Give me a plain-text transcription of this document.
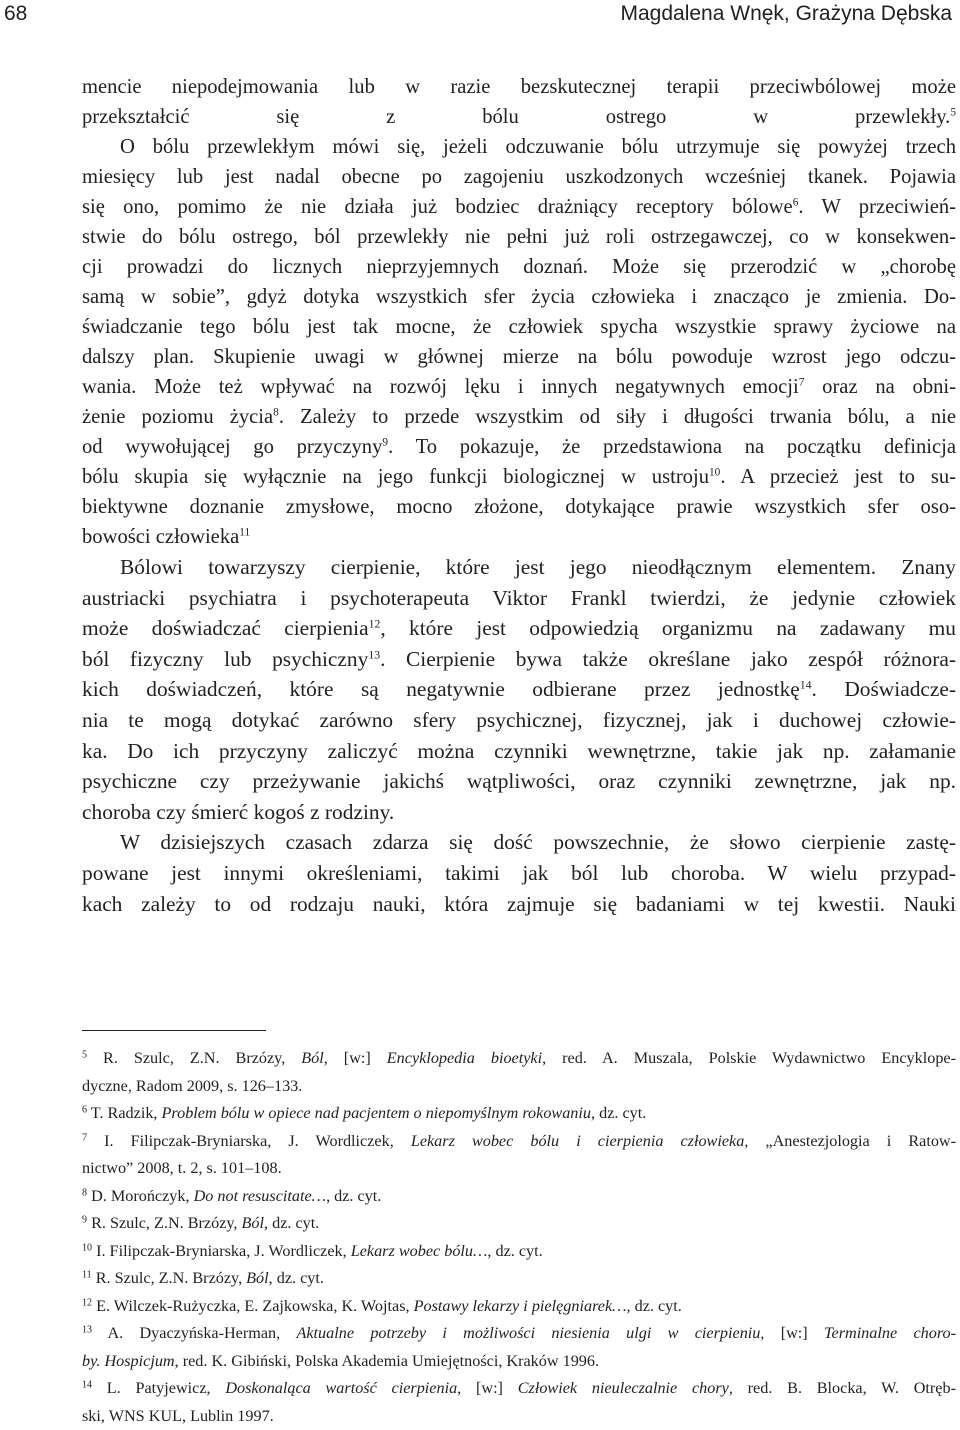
68	Magdalena Wnęk, Grażyna Dębska
mencie niepodejmowania lub w razie bezskutecznej terapii przeciwbólowej może
przekształcić się z bólu ostrego w przewlekły.$^5$
O bólu przewlekłym mówi się, jeżeli odczuwanie bólu utrzymuje się powyżej trzech
miesięcy lub jest nadal obecne po zagojeniu uszkodzonych wcześniej tkanek. Pojawia
się ono, pomimo że nie działa już bodziec drażniący receptory bólowe$^6$. W przeciwień-
stwie do bólu ostrego, ból przewlekły nie pełni już roli ostrzegawczej, co w konsekwen-
cji prowadzi do licznych nieprzyjemnych doznań. Może się przerodzić w „chorobę
samą w sobie”, gdyż dotyka wszystkich sfer życia człowieka i znacząco je zmienia. Do-
świadczanie tego bólu jest tak mocne, że człowiek spycha wszystkie sprawy życiowe na
dalszy plan. Skupienie uwagi w głównej mierze na bólu powoduje wzrost jego odczu-
wania. Może też wpływać na rozwój lęku i innych negatywnych emocji$^7$ oraz na obni-
żenie poziomu życia$^8$. Zależy to przede wszystkim od siły i długości trwania bólu, a nie
od wywołującej go przyczyny$^9$. To pokazuje, że przedstawiona na początku definicja
bólu skupia się wyłącznie na jego funkcji biologicznej w ustroju$^{10}$. A przecież jest to su-
biektywne doznanie zmysłowe, mocno złożone, dotykające prawie wszystkich sfer oso-
bowości człowieka$^{11}$
Bólowi towarzyszy cierpienie, które jest jego nieodłącznym elementem. Znany
austriacki psychiatra i psychoterapeuta Viktor Frankl twierdzi, że jedynie człowiek
może doświadczać cierpienia$^{12}$, które jest odpowiedzią organizmu na zadawany mu
ból fizyczny lub psychiczny$^{13}$. Cierpienie bywa także określane jako zespół różnora-
kich doświadczeń, które są negatywnie odbierane przez jednostkę$^{14}$. Doświadcze-
nia te mogą dotykać zarówno sfery psychicznej, fizycznej, jak i duchowej człowie-
ka. Do ich przyczyny zaliczyć można czynniki wewnętrzne, takie jak np. załamanie
psychiczne czy przeżywanie jakichś wątpliwości, oraz czynniki zewnętrzne, jak np.
choroba czy śmierć kogoś z rodziny.
W dzisiejszych czasach zdarza się dość powszechnie, że słowo cierpienie zastę-
powane jest innymi określeniami, takimi jak ból lub choroba. W wielu przypad-
kach zależy to od rodzaju nauki, która zajmuje się badaniami w tej kwestii. Nauki
$^5$ R. Szulc, Z.N. Brzózy, Ból, [w:] Encyklopedia bioetyki, red. A. Muszala, Polskie Wydawnictwo Encyklope-
dyczne, Radom 2009, s. 126–133.
$^6$ T. Radzik, Problem bólu w opiece nad pacjentem o niepomyślnym rokowaniu, dz. cyt.
$^7$ I. Filipczak-Bryniarska, J. Wordliczek, Lekarz wobec bólu i cierpienia człowieka, „Anestezjologia i Ratow-
nictwo” 2008, t. 2, s. 101–108.
$^8$ D. Morończyk, Do not resuscitate…, dz. cyt.
$^9$ R. Szulc, Z.N. Brzózy, Ból, dz. cyt.
$^{10}$ I. Filipczak-Bryniarska, J. Wordliczek, Lekarz wobec bólu…, dz. cyt.
$^{11}$ R. Szulc, Z.N. Brzózy, Ból, dz. cyt.
$^{12}$ E. Wilczek-Rużyczka, E. Zajkowska, K. Wojtas, Postawy lekarzy i pielęgniarek…, dz. cyt.
$^{13}$ A. Dyaczyńska-Herman, Aktualne potrzeby i możliwości niesienia ulgi w cierpieniu, [w:] Terminalne choro-
by. Hospicjum, red. K. Gibiński, Polska Akademia Umiejętności, Kraków 1996.
$^{14}$ L. Patyjewicz, Doskonaląca wartość cierpienia, [w:] Człowiek nieuleczalnie chory, red. B. Blocka, W. Otręb-
ski, WNS KUL, Lublin 1997.
